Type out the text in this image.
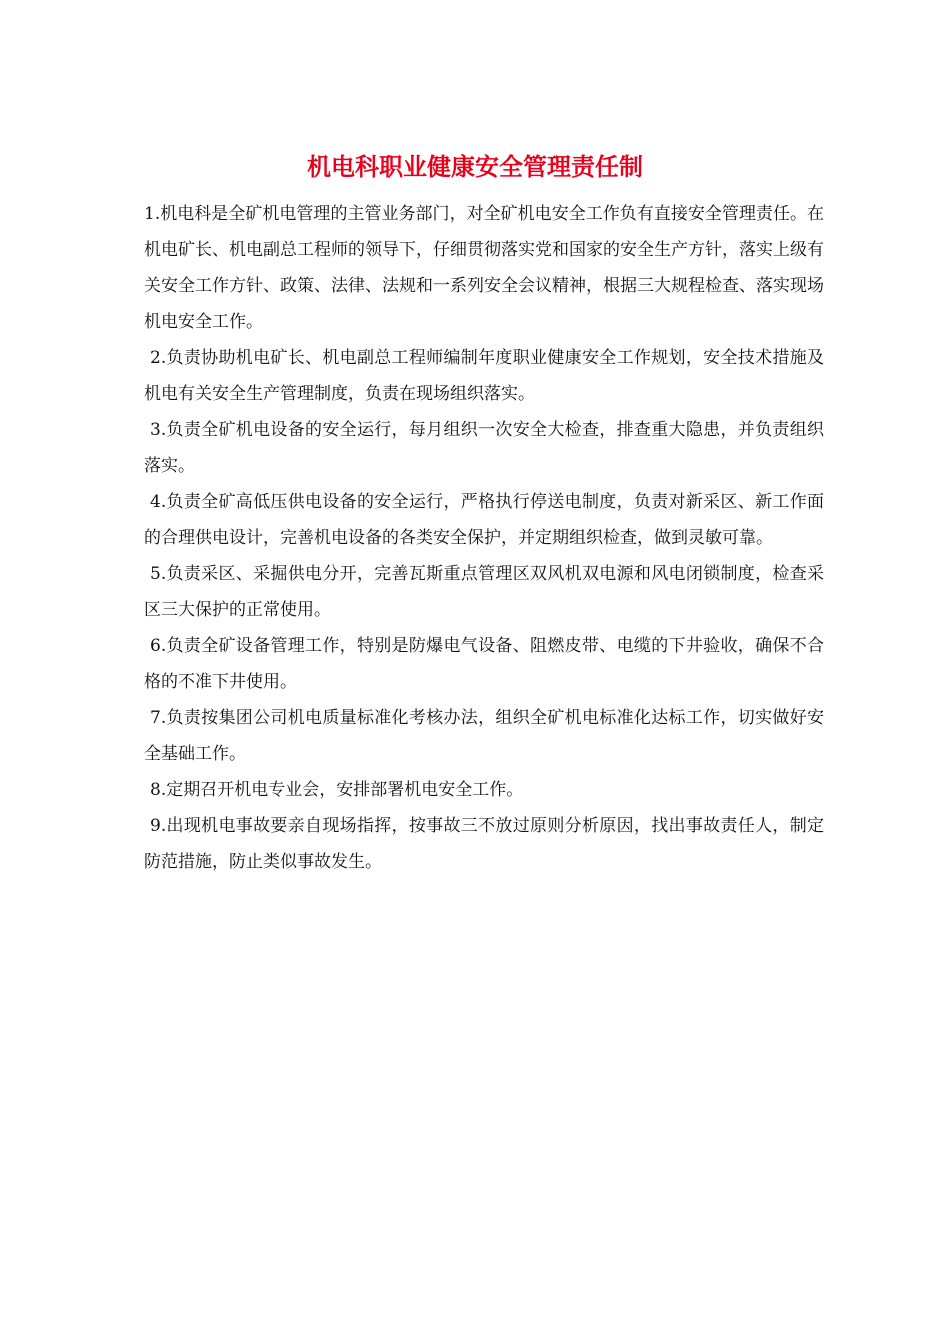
机电科职业健康安全管理责任制

1.机电科是全矿机电管理的主管业务部门，对全矿机电安全工作负有直接安全管理责任。在机电矿长、机电副总工程师的领导下，仔细贯彻落实党和国家的安全生产方针，落实上级有关安全工作方针、政策、法律、法规和一系列安全会议精神，根据三大规程检查、落实现场机电安全工作。

2.负责协助机电矿长、机电副总工程师编制年度职业健康安全工作规划，安全技术措施及机电有关安全生产管理制度，负责在现场组织落实。

3.负责全矿机电设备的安全运行，每月组织一次安全大检查，排查重大隐患，并负责组织落实。

4.负责全矿高低压供电设备的安全运行，严格执行停送电制度，负责对新采区、新工作面的合理供电设计，完善机电设备的各类安全保护，并定期组织检查，做到灵敏可靠。

5.负责采区、采掘供电分开，完善瓦斯重点管理区双风机双电源和风电闭锁制度，检查采区三大保护的正常使用。

6.负责全矿设备管理工作，特别是防爆电气设备、阻燃皮带、电缆的下井验收，确保不合格的不准下井使用。

7.负责按集团公司机电质量标准化考核办法，组织全矿机电标准化达标工作，切实做好安全基础工作。

8.定期召开机电专业会，安排部署机电安全工作。

9.出现机电事故要亲自现场指挥，按事故三不放过原则分析原因，找出事故责任人，制定防范措施，防止类似事故发生。
